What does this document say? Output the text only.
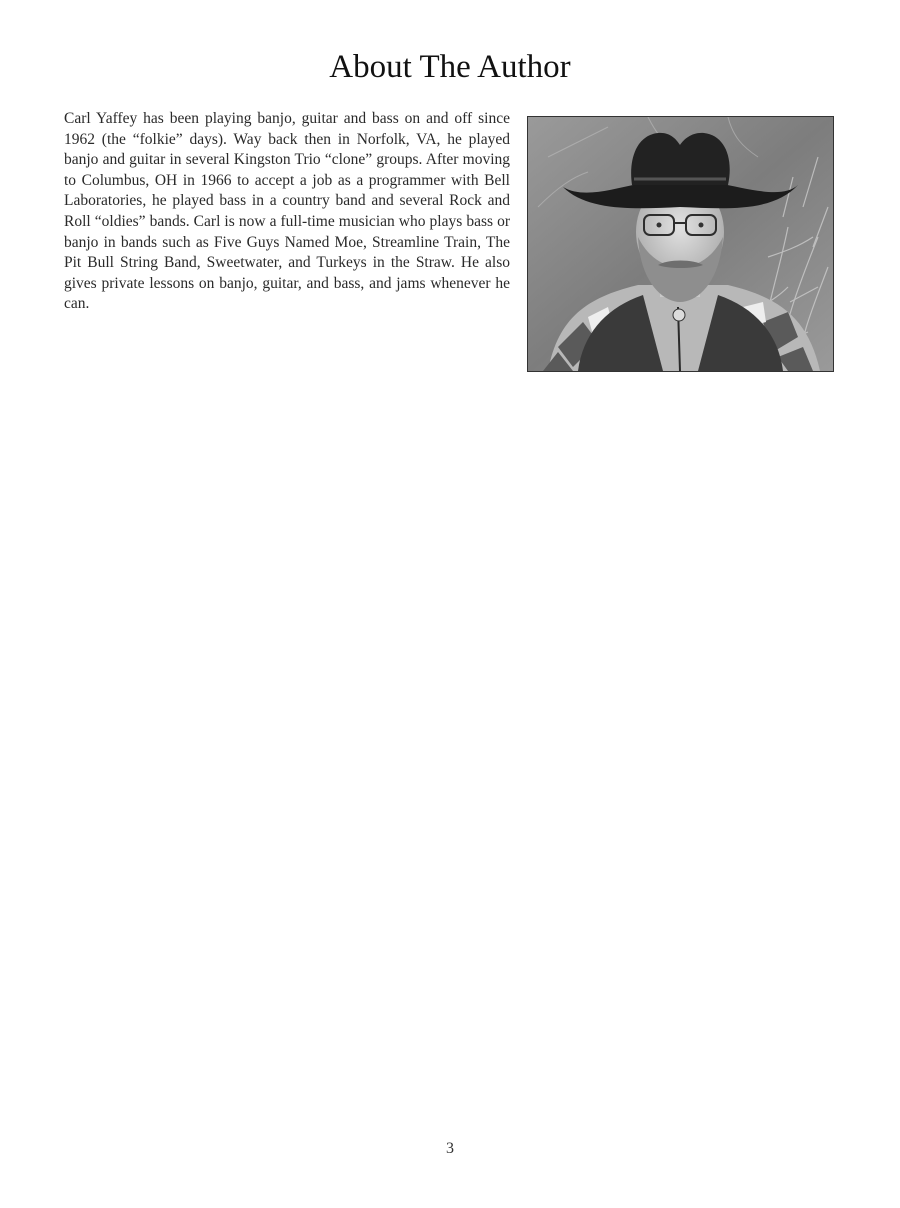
About The Author

Carl Yaffey has been playing banjo, guitar and bass on and off since 1962 (the “folkie” days). Way back then in Norfolk, VA, he played banjo and guitar in several Kingston Trio “clone” groups. After moving to Columbus, OH in 1966 to accept a job as a programmer with Bell Laboratories, he played bass in a country band and several Rock and Roll “oldies” bands. Carl is now a full-time musician who plays bass or banjo in bands such as Five Guys Named Moe, Streamline Train, The Pit Bull String Band, Sweetwater, and Turkeys in the Straw. He also gives private lessons on banjo, guitar, and bass, and jams whenever he can.

3
